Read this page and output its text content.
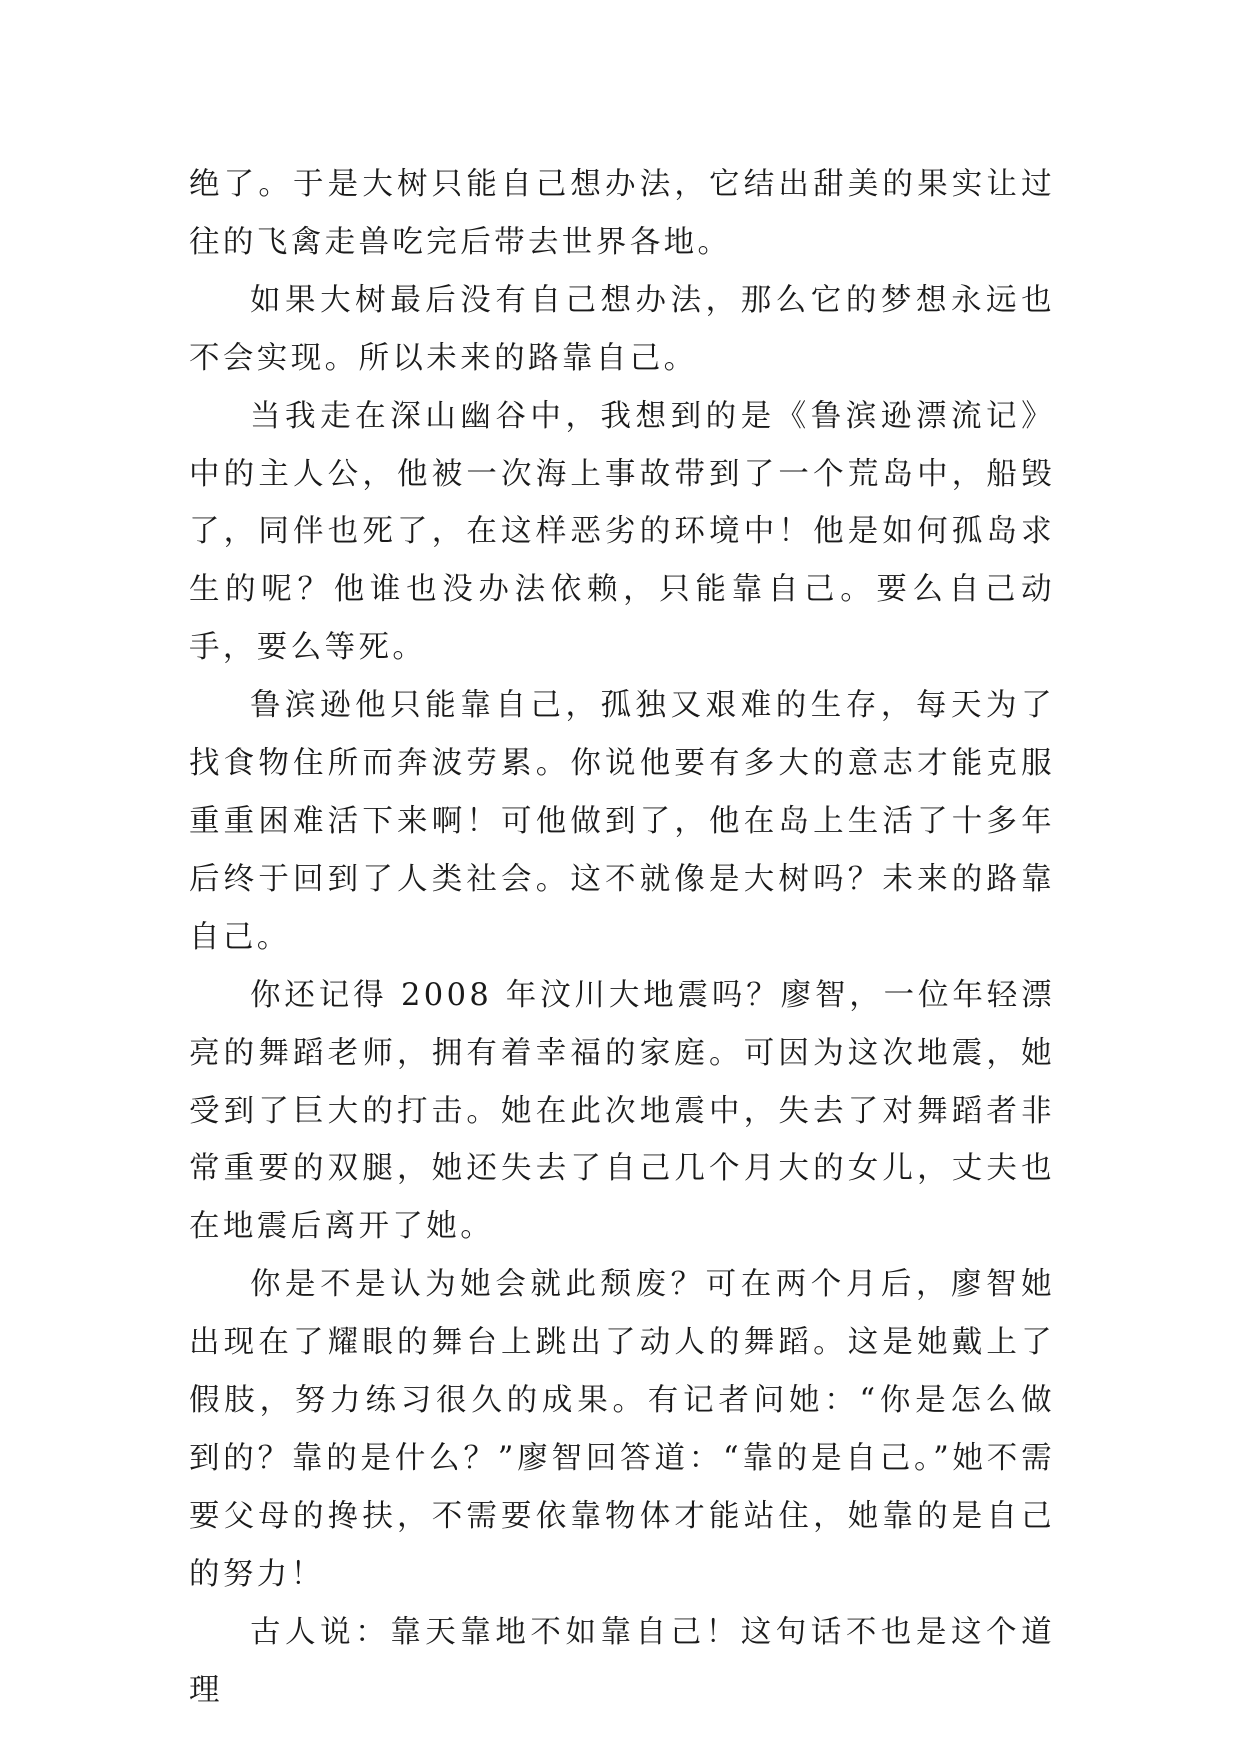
绝了。于是大树只能自己想办法，它结出甜美的果实让过往的飞禽走兽吃完后带去世界各地。

如果大树最后没有自己想办法，那么它的梦想永远也不会实现。所以未来的路靠自己。

当我走在深山幽谷中，我想到的是《鲁滨逊漂流记》中的主人公，他被一次海上事故带到了一个荒岛中，船毁了，同伴也死了，在这样恶劣的环境中！他是如何孤岛求生的呢？他谁也没办法依赖，只能靠自己。要么自己动手，要么等死。

鲁滨逊他只能靠自己，孤独又艰难的生存，每天为了找食物住所而奔波劳累。你说他要有多大的意志才能克服重重困难活下来啊！可他做到了，他在岛上生活了十多年后终于回到了人类社会。这不就像是大树吗？未来的路靠自己。

你还记得 2008 年汶川大地震吗？廖智，一位年轻漂亮的舞蹈老师，拥有着幸福的家庭。可因为这次地震，她受到了巨大的打击。她在此次地震中，失去了对舞蹈者非常重要的双腿，她还失去了自己几个月大的女儿，丈夫也在地震后离开了她。

你是不是认为她会就此颓废？可在两个月后，廖智她出现在了耀眼的舞台上跳出了动人的舞蹈。这是她戴上了假肢，努力练习很久的成果。有记者问她：“你是怎么做到的？靠的是什么？”廖智回答道：“靠的是自己。”她不需要父母的搀扶，不需要依靠物体才能站住，她靠的是自己的努力！

古人说：靠天靠地不如靠自己！这句话不也是这个道理
